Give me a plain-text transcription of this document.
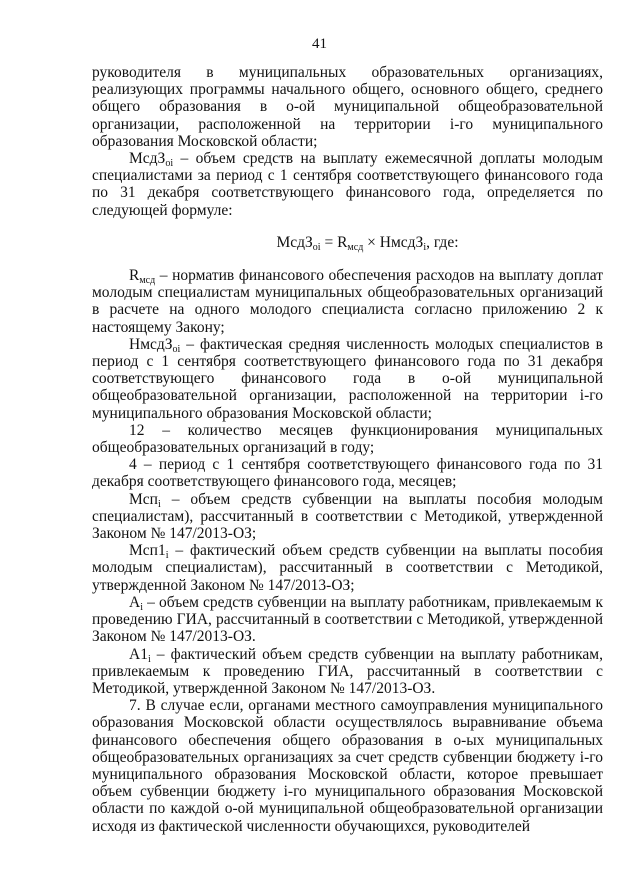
41

руководителя в муниципальных образовательных организациях, реализующих программы начального общего, основного общего, среднего общего образования в о-ой муниципальной общеобразовательной организации, расположенной на территории i-го муниципального образования Московской области;

МсдЗ$_{oi}$ – объем средств на выплату ежемесячной доплаты молодым специалистами за период с 1 сентября соответствующего финансового года по 31 декабря соответствующего финансового года, определяется по следующей формуле:

МсдЗ$_{oi}$ = $R_{мсд}$ × НмсдЗ$_i$, где:

$R_{мсд}$ – норматив финансового обеспечения расходов на выплату доплат молодым специалистам муниципальных общеобразовательных организаций в расчете на одного молодого специалиста согласно приложению 2 к настоящему Закону;

НмсдЗ$_{oi}$ – фактическая средняя численность молодых специалистов в период с 1 сентября соответствующего финансового года по 31 декабря соответствующего финансового года в о-ой муниципальной общеобразовательной организации, расположенной на территории i-го муниципального образования Московской области;

12 – количество месяцев функционирования муниципальных общеобразовательных организаций в году;

4 – период с 1 сентября соответствующего финансового года по 31 декабря соответствующего финансового года, месяцев;

Мсп$_i$ – объем средств субвенции на выплаты пособия молодым специалистам), рассчитанный в соответствии с Методикой, утвержденной Законом № 147/2013-ОЗ;

$Мсп1_i$ – фактический объем средств субвенции на выплаты пособия молодым специалистам), рассчитанный в соответствии с Методикой, утвержденной Законом № 147/2013-ОЗ;

$А_i$ – объем средств субвенции на выплату работникам, привлекаемым к проведению ГИА, рассчитанный в соответствии с Методикой, утвержденной Законом № 147/2013-ОЗ.

$А1_i$ – фактический объем средств субвенции на выплату работникам, привлекаемым к проведению ГИА, рассчитанный в соответствии с Методикой, утвержденной Законом № 147/2013-ОЗ.

7. В случае если, органами местного самоуправления муниципального образования Московской области осуществлялось выравнивание объема финансового обеспечения общего образования в о-ых муниципальных общеобразовательных организациях за счет средств субвенции бюджету i-го муниципального образования Московской области, которое превышает объем субвенции бюджету i-го муниципального образования Московской области по каждой о-ой муниципальной общеобразовательной организации исходя из фактической численности обучающихся, руководителей
